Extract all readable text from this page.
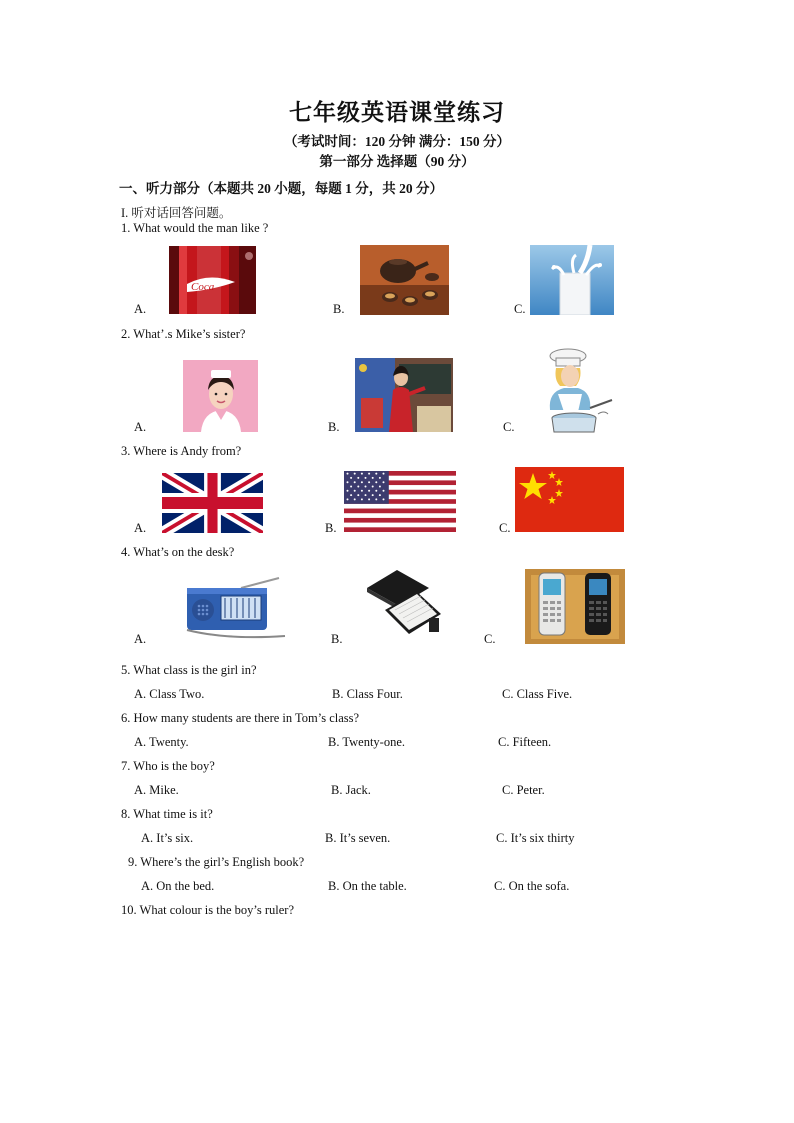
七年级英语课堂练习
（考试时间：120 分钟 满分：150 分）
第一部分 选择题（90 分）
一、听力部分（本题共 20 小题，每题 1 分，共 20 分）
I. 听对话回答问题。
1. What would the man like ?
A.
Coca
B.	C.
2. What’.s Mike’s sister?
A.	B.	C.
3. Where is Andy from?
A.	B.	C.
4. What’s on the desk?
A.	B.	C.
5. What class is the girl in?
A. Class Two.	B. Class Four.	C. Class Five.
6. How many students are there in Tom’s class?
A. Twenty.	B. Twenty-one.	C. Fifteen.
7. Who is the boy?
A. Mike.	B. Jack.	C. Peter.
8. What time is it?
A. It’s six.	B. It’s seven.	C. It’s six thirty
9. Where’s the girl’s English book?
A. On the bed.	B. On the table.	C. On the sofa.
10. What colour is the boy’s ruler?
